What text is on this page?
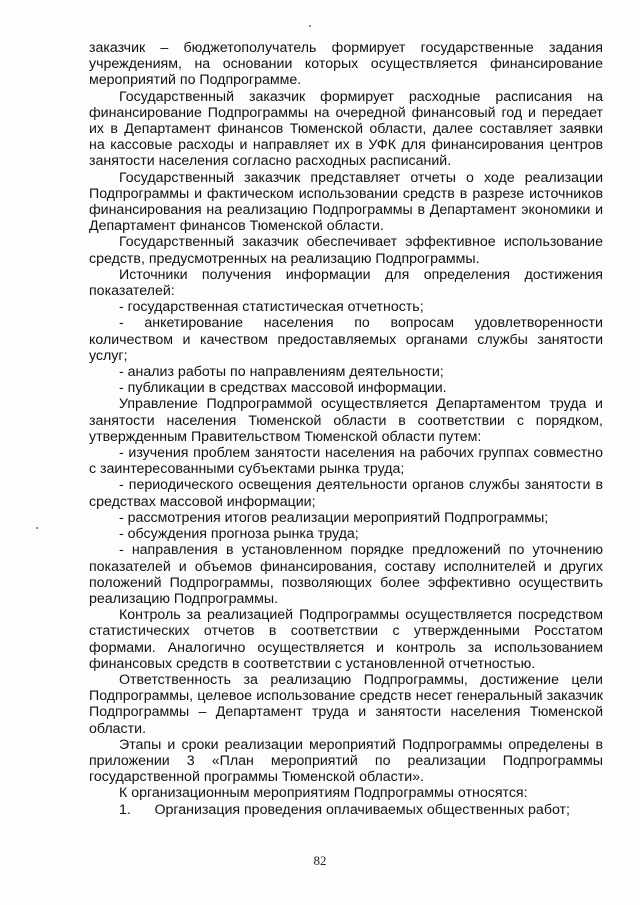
заказчик – бюджетополучатель формирует государственные задания учреждениям, на основании которых осуществляется финансирование мероприятий по Подпрограмме.

Государственный заказчик формирует расходные расписания на финансирование Подпрограммы на очередной финансовый год и передает их в Департамент финансов Тюменской области, далее составляет заявки на кассовые расходы и направляет их в УФК для финансирования центров занятости населения согласно расходных расписаний.

Государственный заказчик представляет отчеты о ходе реализации Подпрограммы и фактическом использовании средств в разрезе источников финансирования на реализацию Подпрограммы в Департамент экономики и Департамент финансов Тюменской области.

Государственный заказчик обеспечивает эффективное использование средств, предусмотренных на реализацию Подпрограммы.

Источники получения информации для определения достижения показателей:

- государственная статистическая отчетность;

- анкетирование населения по вопросам удовлетворенности количеством и качеством предоставляемых органами службы занятости услуг;

- анализ работы по направлениям деятельности;

- публикации в средствах массовой информации.

Управление Подпрограммой осуществляется Департаментом труда и занятости населения Тюменской области в соответствии с порядком, утвержденным Правительством Тюменской области путем:

- изучения проблем занятости населения на рабочих группах совместно с заинтересованными субъектами рынка труда;

- периодического освещения деятельности органов службы занятости в средствах массовой информации;

- рассмотрения итогов реализации мероприятий Подпрограммы;

- обсуждения прогноза рынка труда;

- направления в установленном порядке предложений по уточнению показателей и объемов финансирования, составу исполнителей и других положений Подпрограммы, позволяющих более эффективно осуществить реализацию Подпрограммы.

Контроль за реализацией Подпрограммы осуществляется посредством статистических отчетов в соответствии с утвержденными Росстатом формами. Аналогично осуществляется и контроль за использованием финансовых средств в соответствии с установленной отчетностью.

Ответственность за реализацию Подпрограммы, достижение цели Подпрограммы, целевое использование средств несет генеральный заказчик Подпрограммы – Департамент труда и занятости населения Тюменской области.

Этапы и сроки реализации мероприятий Подпрограммы определены в приложении 3 «План мероприятий по реализации Подпрограммы государственной программы Тюменской области».

К организационным мероприятиям Подпрограммы относятся:

1.      Организация проведения оплачиваемых общественных работ;

82
